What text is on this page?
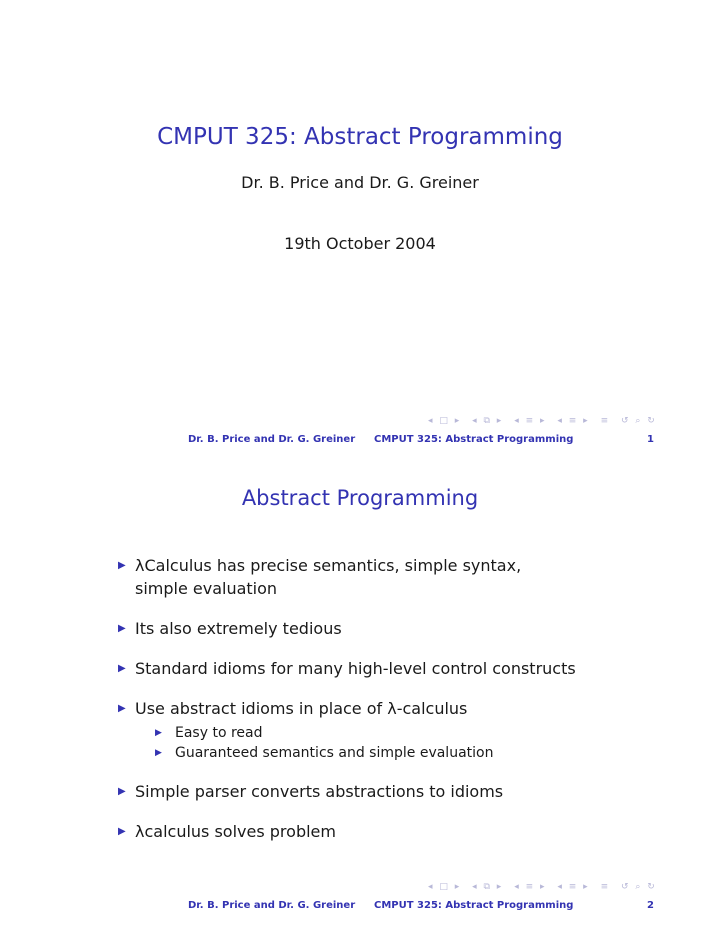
CMPUT 325: Abstract Programming
Dr. B. Price and Dr. G. Greiner
19th October 2004
◂ □ ▸ ◂ ⧉ ▸ ◂ ≡ ▸ ◂ ≡ ▸ ≡ ↺ ⌕ ↻
Dr. B. Price and Dr. G. Greiner CMPUT 325: Abstract Programming	1
Abstract Programming
▶ λCalculus has precise semantics, simple syntax, simple evaluation
▶ Its also extremely tedious
▶ Standard idioms for many high-level control constructs
▶ Use abstract idioms in place of λ-calculus
▶ Easy to read
▶ Guaranteed semantics and simple evaluation
▶ Simple parser converts abstractions to idioms
▶ λcalculus solves problem
◂ □ ▸ ◂ ⧉ ▸ ◂ ≡ ▸ ◂ ≡ ▸ ≡ ↺ ⌕ ↻
Dr. B. Price and Dr. G. Greiner CMPUT 325: Abstract Programming	2
